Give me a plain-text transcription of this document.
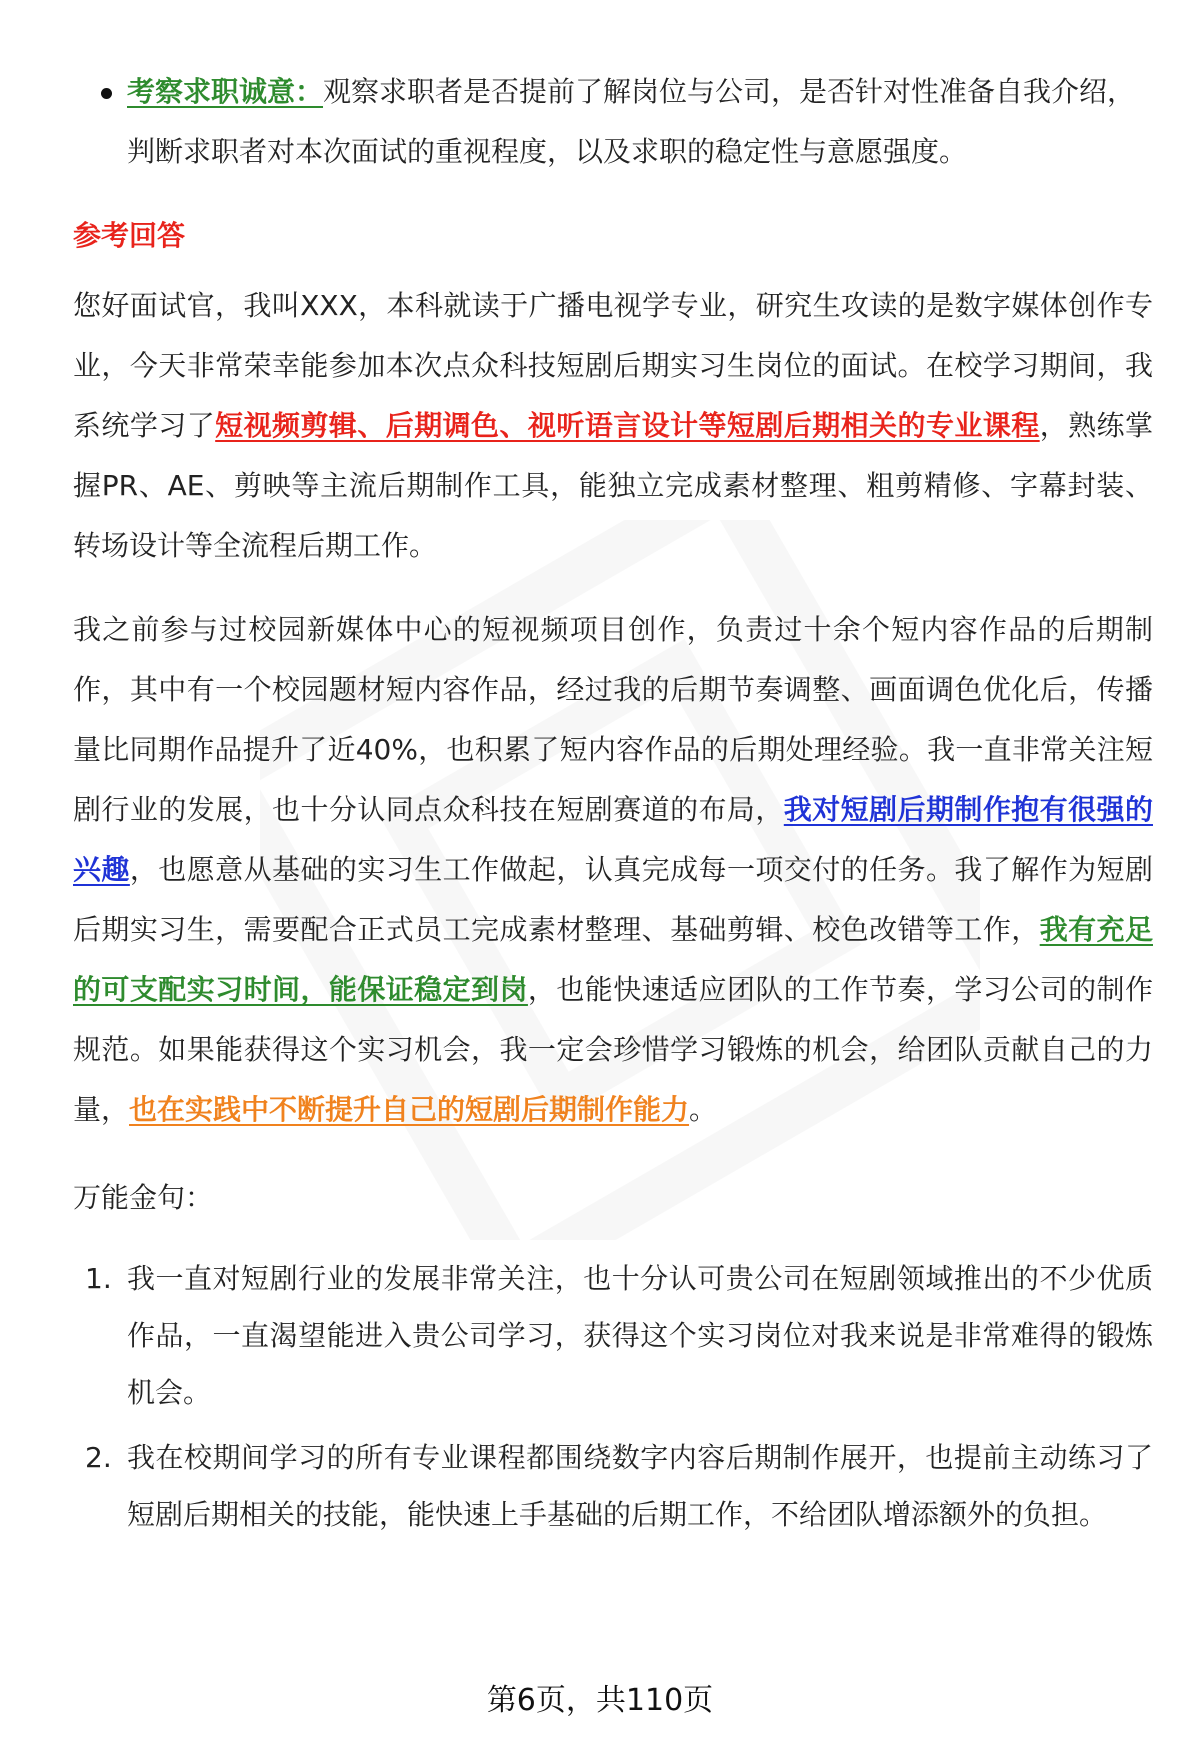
考察求职诚意：观察求职者是否提前了解岗位与公司，是否针对性准备自我介绍，判断求职者对本次面试的重视程度，以及求职的稳定性与意愿强度。
参考回答
您好面试官，我叫XXX，本科就读于广播电视学专业，研究生攻读的是数字媒体创作专业，今天非常荣幸能参加本次点众科技短剧后期实习生岗位的面试。在校学习期间，我系统学习了短视频剪辑、后期调色、视听语言设计等短剧后期相关的专业课程，熟练掌握PR、AE、剪映等主流后期制作工具，能独立完成素材整理、粗剪精修、字幕封装、转场设计等全流程后期工作。
我之前参与过校园新媒体中心的短视频项目创作，负责过十余个短内容作品的后期制作，其中有一个校园题材短内容作品，经过我的后期节奏调整、画面调色优化后，传播量比同期作品提升了近40%，也积累了短内容作品的后期处理经验。我一直非常关注短剧行业的发展，也十分认同点众科技在短剧赛道的布局，我对短剧后期制作抱有很强的兴趣，也愿意从基础的实习生工作做起，认真完成每一项交付的任务。我了解作为短剧后期实习生，需要配合正式员工完成素材整理、基础剪辑、校色改错等工作，我有充足的可支配实习时间，能保证稳定到岗，也能快速适应团队的工作节奏，学习公司的制作规范。如果能获得这个实习机会，我一定会珍惜学习锻炼的机会，给团队贡献自己的力量，也在实践中不断提升自己的短剧后期制作能力。
万能金句：
1. 我一直对短剧行业的发展非常关注，也十分认可贵公司在短剧领域推出的不少优质作品，一直渴望能进入贵公司学习，获得这个实习岗位对我来说是非常难得的锻炼机会。
2. 我在校期间学习的所有专业课程都围绕数字内容后期制作展开，也提前主动练习了短剧后期相关的技能，能快速上手基础的后期工作，不给团队增添额外的负担。
第6页，共110页
